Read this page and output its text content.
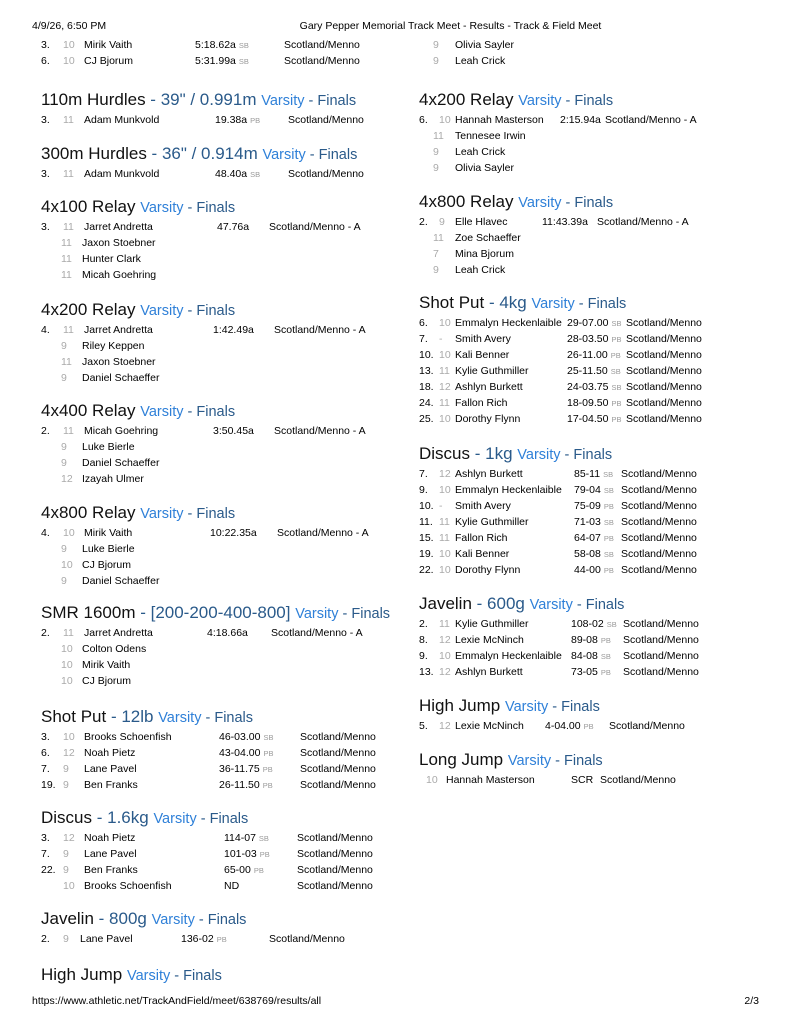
4/9/26, 6:50 PM	Gary Pepper Memorial Track Meet - Results - Track & Field Meet
3. 10 Mirik Vaith	5:18.62a SB	Scotland/Menno
6. 10 CJ Bjorum	5:31.99a SB	Scotland/Menno
110m Hurdles - 39" / 0.991m Varsity - Finals
3. 11 Adam Munkvold	19.38a PB	Scotland/Menno
300m Hurdles - 36" / 0.914m Varsity - Finals
3. 11 Adam Munkvold	48.40a SB	Scotland/Menno
4x100 Relay Varsity - Finals
3. 11 Jarret Andretta	47.76a Scotland/Menno - A
11 Jaxon Stoebner
11 Hunter Clark
11 Micah Goehring
4x200 Relay Varsity - Finals
4. 11 Jarret Andretta	1:42.49a Scotland/Menno - A
9 Riley Keppen
11 Jaxon Stoebner
9 Daniel Schaeffer
4x400 Relay Varsity - Finals
2. 11 Micah Goehring	3:50.45a Scotland/Menno - A
9 Luke Bierle
9 Daniel Schaeffer
12 Izayah Ulmer
4x800 Relay Varsity - Finals
4. 10 Mirik Vaith	10:22.35a Scotland/Menno - A
9 Luke Bierle
10 CJ Bjorum
9 Daniel Schaeffer
SMR 1600m - [200-200-400-800] Varsity - Finals
2. 11 Jarret Andretta	4:18.66a Scotland/Menno - A
10 Colton Odens
10 Mirik Vaith
10 CJ Bjorum
Shot Put - 12lb Varsity - Finals
3. 10 Brooks Schoenfish	46-03.00 SB	Scotland/Menno
6. 12 Noah Pietz	43-04.00 PB	Scotland/Menno
7. 9 Lane Pavel	36-11.75 PB	Scotland/Menno
19. 9 Ben Franks	26-11.50 PB	Scotland/Menno
Discus - 1.6kg Varsity - Finals
3. 12 Noah Pietz	114-07 SB	Scotland/Menno
7. 9 Lane Pavel	101-03 PB	Scotland/Menno
22. 9 Ben Franks	65-00 PB	Scotland/Menno
10 Brooks Schoenfish	ND	Scotland/Menno
Javelin - 800g Varsity - Finals
2. 9 Lane Pavel	136-02 PB	Scotland/Menno
High Jump Varsity - Finals
9 Olivia Sayler
9 Leah Crick
4x200 Relay Varsity - Finals
6. 10 Hannah Masterson 2:15.94a Scotland/Menno - A
11 Tennesee Irwin
9 Leah Crick
9 Olivia Sayler
4x800 Relay Varsity - Finals
2. 9 Elle Hlavec	11:43.39a Scotland/Menno - A
11 Zoe Schaeffer
7 Mina Bjorum
9 Leah Crick
Shot Put - 4kg Varsity - Finals
6. 10 Emmalyn Heckenlaible 29-07.00 SB Scotland/Menno
7. - Smith Avery	28-03.50 PB Scotland/Menno
10. 10 Kali Benner	26-11.00 PB Scotland/Menno
13. 11 Kylie Guthmiller	25-11.50 SB Scotland/Menno
18. 12 Ashlyn Burkett	24-03.75 SB Scotland/Menno
24. 11 Fallon Rich	18-09.50 PB Scotland/Menno
25. 10 Dorothy Flynn	17-04.50 PB Scotland/Menno
Discus - 1kg Varsity - Finals
7. 12 Ashlyn Burkett	85-11 SB Scotland/Menno
9. 10 Emmalyn Heckenlaible 79-04 SB Scotland/Menno
10. - Smith Avery	75-09 PB Scotland/Menno
11. 11 Kylie Guthmiller	71-03 SB Scotland/Menno
15. 11 Fallon Rich	64-07 PB Scotland/Menno
19. 10 Kali Benner	58-08 SB Scotland/Menno
22. 10 Dorothy Flynn	44-00 PB Scotland/Menno
Javelin - 600g Varsity - Finals
2. 11 Kylie Guthmiller	108-02 SB Scotland/Menno
8. 12 Lexie McNinch	89-08 PB Scotland/Menno
9. 10 Emmalyn Heckenlaible 84-08 SB Scotland/Menno
13. 12 Ashlyn Burkett	73-05 PB Scotland/Menno
High Jump Varsity - Finals
5. 12 Lexie McNinch 4-04.00 PB Scotland/Menno
Long Jump Varsity - Finals
10 Hannah Masterson	SCR Scotland/Menno
https://www.athletic.net/TrackAndField/meet/638769/results/all	2/3
